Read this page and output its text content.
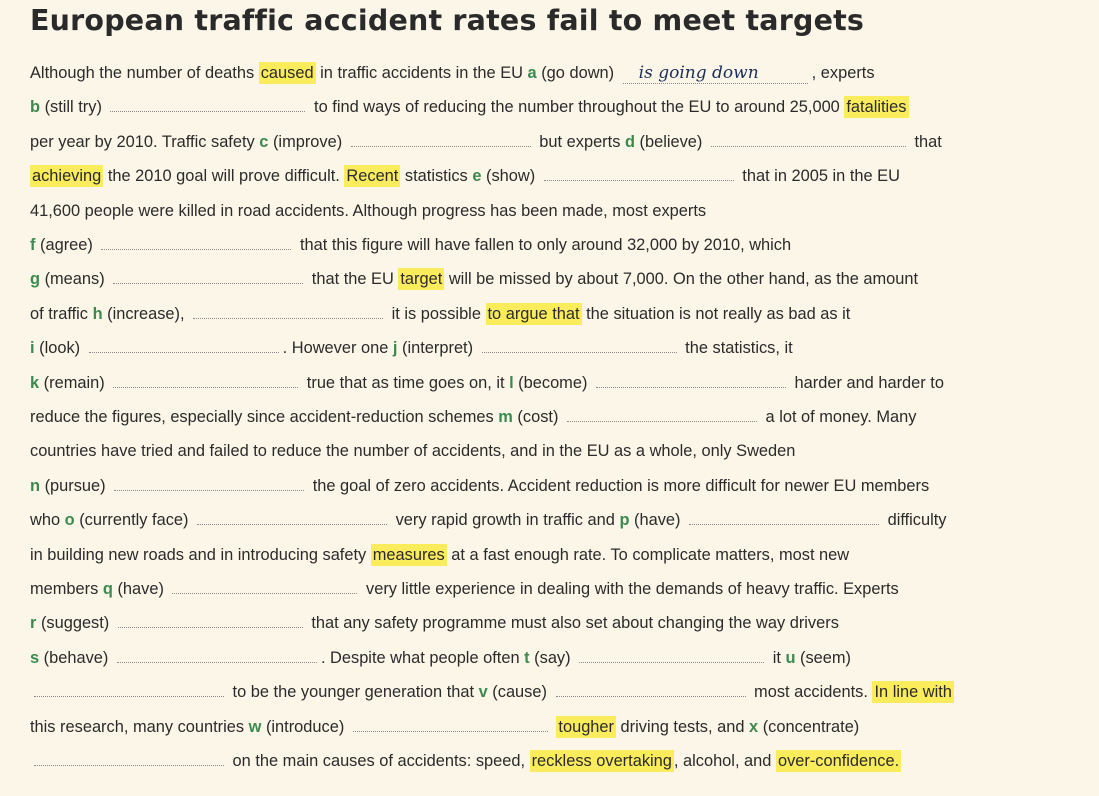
European traffic accident rates fail to meet targets
Although the number of deaths caused in traffic accidents in the EU a (go down) is going down	, experts
b (still try)	to find ways of reducing the number throughout the EU to around 25,000 fatalities
per year by 2010. Traffic safety c (improve)	but experts d (believe)	that
achieving the 2010 goal will prove difficult. Recent statistics e (show)	that in 2005 in the EU
41,600 people were killed in road accidents. Although progress has been made, most experts
f (agree)	that this figure will have fallen to only around 32,000 by 2010, which
g (means)	that the EU target will be missed by about 7,000. On the other hand, as the amount
of traffic h (increase),	it is possible to argue that the situation is not really as bad as it
i (look)	. However one j (interpret)	the statistics, it
k (remain)	true that as time goes on, it l (become)	harder and harder to
reduce the figures, especially since accident-reduction schemes m (cost)	a lot of money. Many
countries have tried and failed to reduce the number of accidents, and in the EU as a whole, only Sweden
n (pursue)	the goal of zero accidents. Accident reduction is more difficult for newer EU members
who o (currently face)	very rapid growth in traffic and p (have)	difficulty
in building new roads and in introducing safety measures at a fast enough rate. To complicate matters, most new
members q (have)	very little experience in dealing with the demands of heavy traffic. Experts
r (suggest)	that any safety programme must also set about changing the way drivers
s (behave)	. Despite what people often t (say)	it u (seem)
to be the younger generation that v (cause)	most accidents. In line with
this research, many countries w (introduce)	tougher driving tests, and x (concentrate)
on the main causes of accidents: speed, reckless overtaking , alcohol, and over-confidence.
